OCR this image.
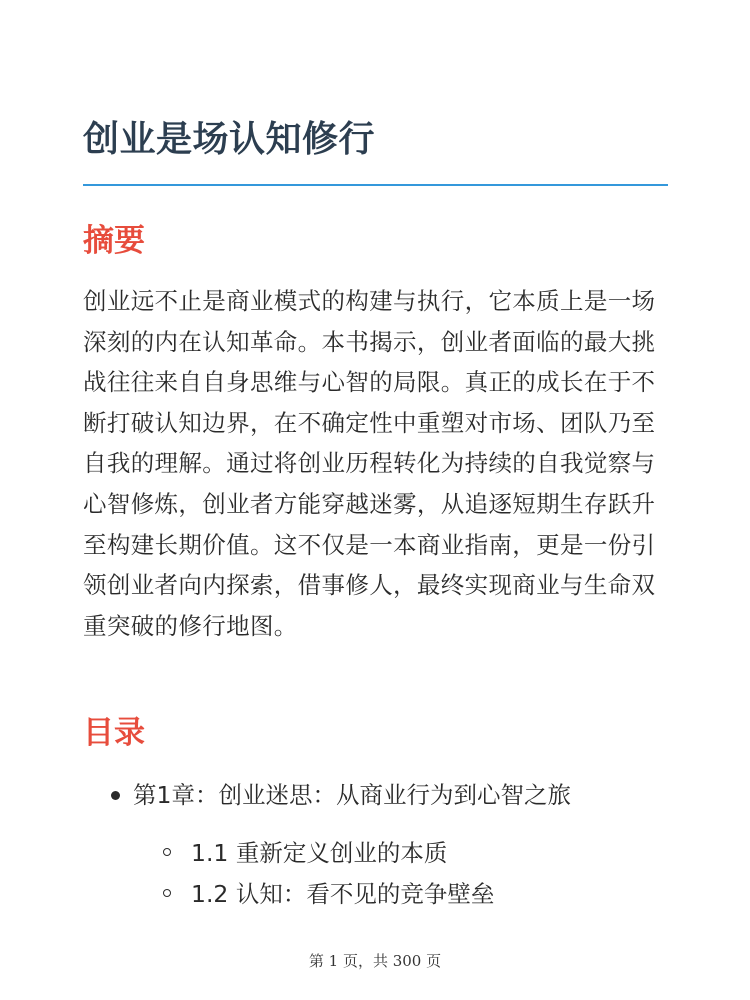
创业是场认知修行
摘要

创业远不止是商业模式的构建与执行，它本质上是一场深刻的内在认知革命。本书揭示，创业者面临的最大挑战往往来自自身思维与心智的局限。真正的成长在于不断打破认知边界，在不确定性中重塑对市场、团队乃至自我的理解。通过将创业历程转化为持续的自我觉察与心智修炼，创业者方能穿越迷雾，从追逐短期生存跃升至构建长期价值。这不仅是一本商业指南，更是一份引领创业者向内探索，借事修人，最终实现商业与生命双重突破的修行地图。

目录
第1章：创业迷思：从商业行为到心智之旅
1.1 重新定义创业的本质
1.2 认知：看不见的竞争壁垒
第 1 页，共 300 页
